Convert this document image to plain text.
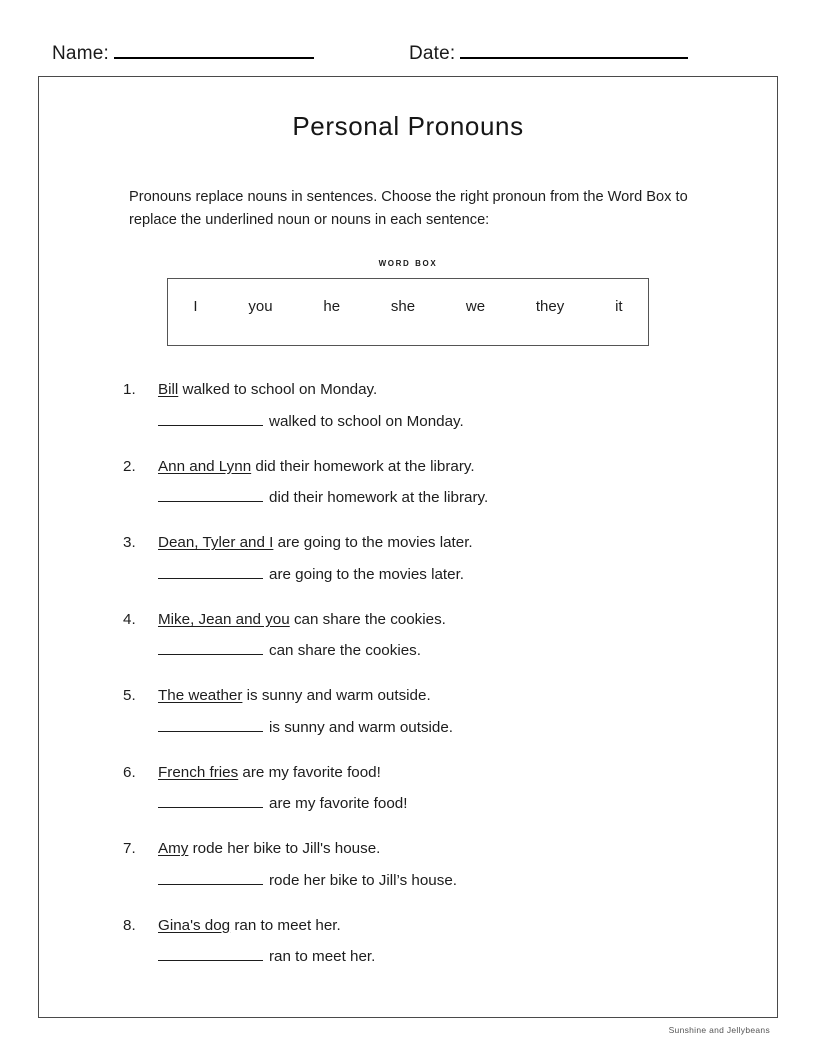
Name:	Date:
Personal Pronouns
Pronouns replace nouns in sentences. Choose the right pronoun from the Word Box to replace the underlined noun or nouns in each sentence:
word box
I	you	he	she	we	they	it
1.	Bill walked to school on Monday.
walked to school on Monday.
2.	Ann and Lynn did their homework at the library.
did their homework at the library.
3.	Dean, Tyler and I are going to the movies later.
are going to the movies later.
4.	Mike, Jean and you can share the cookies.
can share the cookies.
5.	The weather is sunny and warm outside.
is sunny and warm outside.
6.	French fries are my favorite food!
are my favorite food!
7.	Amy rode her bike to Jill's house.
rode her bike to Jill’s house.
8.	Gina's dog ran to meet her.
ran to meet her.
Sunshine and Jellybeans
